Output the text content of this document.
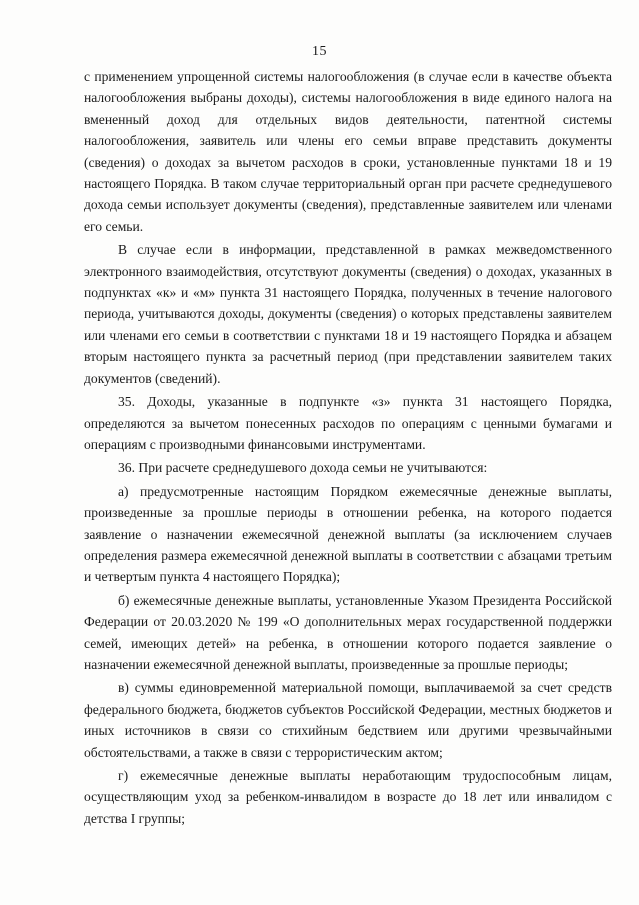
15

с применением упрощенной системы налогообложения (в случае если в качестве объекта налогообложения выбраны доходы), системы налогообложения в виде единого налога на вмененный доход для отдельных видов деятельности, патентной системы налогообложения, заявитель или члены его семьи вправе представить документы (сведения) о доходах за вычетом расходов в сроки, установленные пунктами 18 и 19 настоящего Порядка. В таком случае территориальный орган при расчете среднедушевого дохода семьи использует документы (сведения), представленные заявителем или членами его семьи.

В случае если в информации, представленной в рамках межведомственного электронного взаимодействия, отсутствуют документы (сведения) о доходах, указанных в подпунктах «к» и «м» пункта 31 настоящего Порядка, полученных в течение налогового периода, учитываются доходы, документы (сведения) о которых представлены заявителем или членами его семьи в соответствии с пунктами 18 и 19 настоящего Порядка и абзацем вторым настоящего пункта за расчетный период (при представлении заявителем таких документов (сведений).

35. Доходы, указанные в подпункте «з» пункта 31 настоящего Порядка, определяются за вычетом понесенных расходов по операциям с ценными бумагами и операциям с производными финансовыми инструментами.

36. При расчете среднедушевого дохода семьи не учитываются:

а) предусмотренные настоящим Порядком ежемесячные денежные выплаты, произведенные за прошлые периоды в отношении ребенка, на которого подается заявление о назначении ежемесячной денежной выплаты (за исключением случаев определения размера ежемесячной денежной выплаты в соответствии с абзацами третьим и четвертым пункта 4 настоящего Порядка);

б) ежемесячные денежные выплаты, установленные Указом Президента Российской Федерации от 20.03.2020 № 199 «О дополнительных мерах государственной поддержки семей, имеющих детей» на ребенка, в отношении которого подается заявление о назначении ежемесячной денежной выплаты, произведенные за прошлые периоды;

в) суммы единовременной материальной помощи, выплачиваемой за счет средств федерального бюджета, бюджетов субъектов Российской Федерации, местных бюджетов и иных источников в связи со стихийным бедствием или другими чрезвычайными обстоятельствами, а также в связи с террористическим актом;

г) ежемесячные денежные выплаты неработающим трудоспособным лицам, осуществляющим уход за ребенком-инвалидом в возрасте до 18 лет или инвалидом с детства I группы;
